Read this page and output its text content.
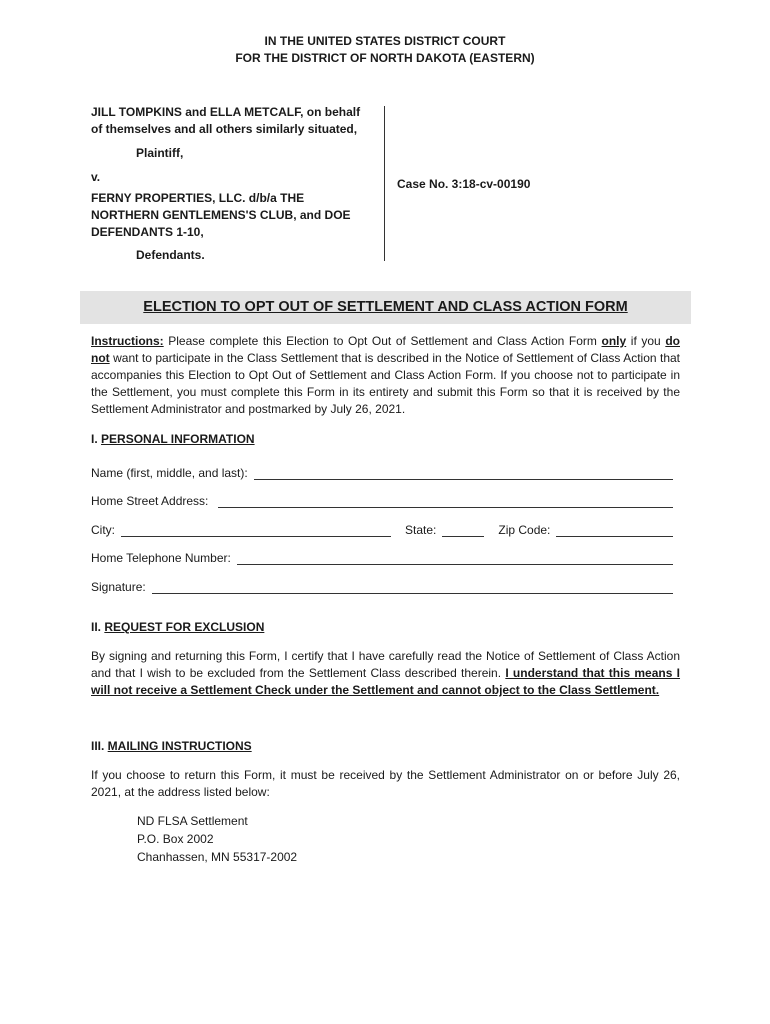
IN THE UNITED STATES DISTRICT COURT
FOR THE DISTRICT OF NORTH DAKOTA (EASTERN)
JILL TOMPKINS and ELLA METCALF, on behalf
of themselves and all others similarly situated,
Plaintiff,
v.
FERNY PROPERTIES, LLC. d/b/a THE
NORTHERN GENTLEMENS'S CLUB, and DOE
DEFENDANTS 1-10,
Defendants.
Case No. 3:18-cv-00190
ELECTION TO OPT OUT OF SETTLEMENT AND CLASS ACTION FORM
Instructions: Please complete this Election to Opt Out of Settlement and Class Action Form only if you do not want to participate in the Class Settlement that is described in the Notice of Settlement of Class Action that accompanies this Election to Opt Out of Settlement and Class Action Form. If you choose not to participate in the Settlement, you must complete this Form in its entirety and submit this Form so that it is received by the Settlement Administrator and postmarked by July 26, 2021.
I. PERSONAL INFORMATION
Name (first, middle, and last):
Home Street Address:
City:	State:	Zip Code:
Home Telephone Number:
Signature:
II. REQUEST FOR EXCLUSION
By signing and returning this Form, I certify that I have carefully read the Notice of Settlement of Class Action and that I wish to be excluded from the Settlement Class described therein. I understand that this means I will not receive a Settlement Check under the Settlement and cannot object to the Class Settlement.
III. MAILING INSTRUCTIONS
If you choose to return this Form, it must be received by the Settlement Administrator on or before July 26, 2021, at the address listed below:
ND FLSA Settlement
P.O. Box 2002
Chanhassen, MN 55317-2002
